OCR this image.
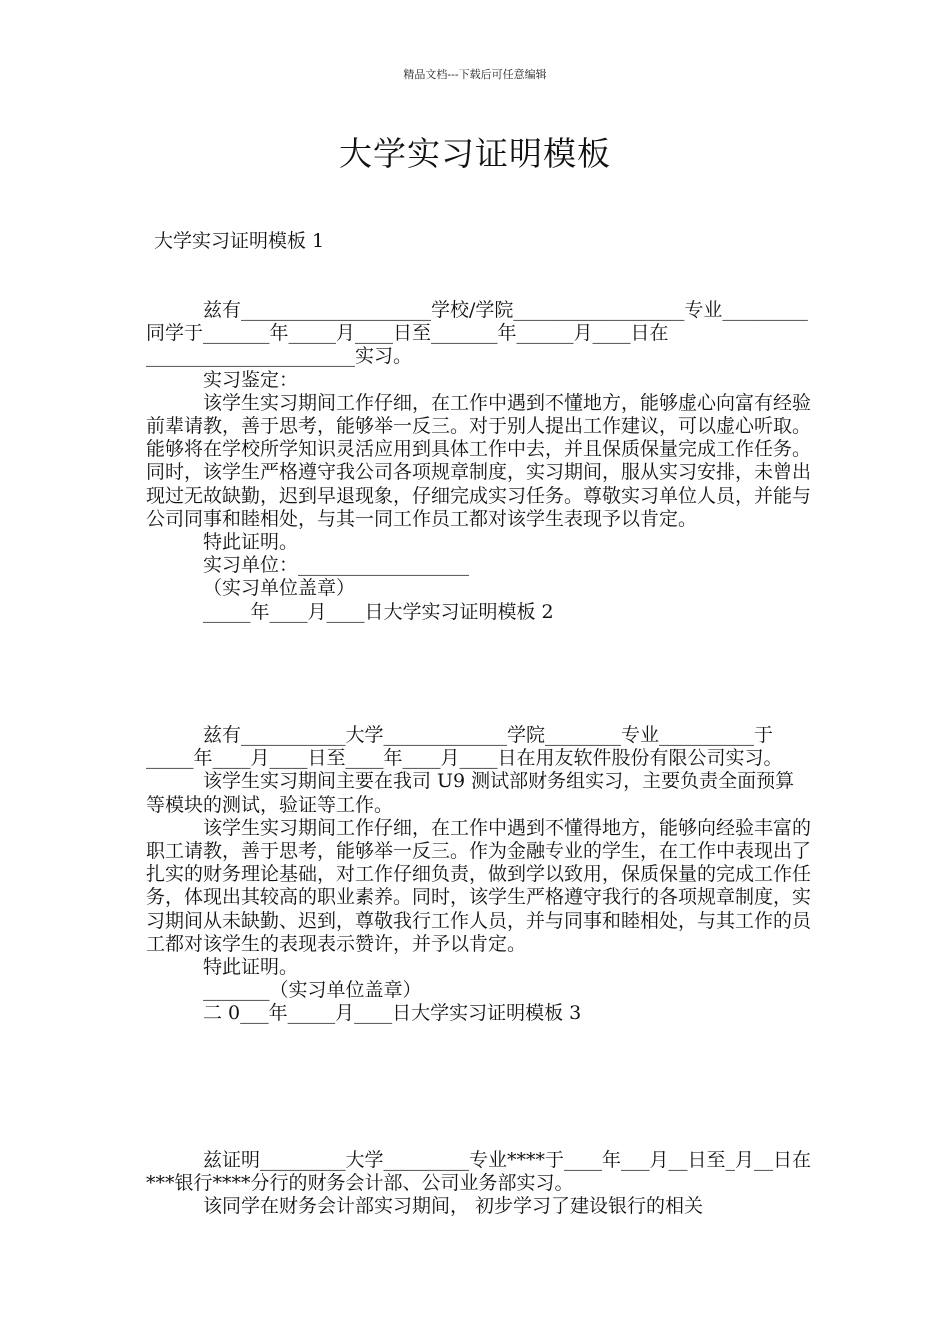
精品文档---下载后可任意编辑
大学实习证明模板
大学实习证明模板 1

兹有____________________学校/学院__________________专业_________同学于_______年_____月____日至_______年______月____日在______________________实习。

实习鉴定：

该学生实习期间工作仔细，在工作中遇到不懂地方，能够虚心向富有经验前辈请教，善于思考，能够举一反三。对于别人提出工作建议，可以虚心听取。能够将在学校所学知识灵活应用到具体工作中去，并且保质保量完成工作任务。同时，该学生严格遵守我公司各项规章制度，实习期间，服从实习安排，未曾出现过无故缺勤，迟到早退现象，仔细完成实习任务。尊敬实习单位人员，并能与公司同事和睦相处，与其一同工作员工都对该学生表现予以肯定。

特此证明。

实习单位：__________________

（实习单位盖章）

_____年____月____日大学实习证明模板 2

兹有___________大学_____________学院________专业__________于_____年____月____日至____年____月____日在用友软件股份有限公司实习。

该学生实习期间主要在我司 U9 测试部财务组实习，主要负责全面预算等模块的测试，验证等工作。

该学生实习期间工作仔细，在工作中遇到不懂得地方，能够向经验丰富的职工请教，善于思考，能够举一反三。作为金融专业的学生，在工作中表现出了扎实的财务理论基础，对工作仔细负责，做到学以致用，保质保量的完成工作任务，体现出其较高的职业素养。同时，该学生严格遵守我行的各项规章制度，实习期间从未缺勤、迟到，尊敬我行工作人员，并与同事和睦相处，与其工作的员工都对该学生的表现表示赞许，并予以肯定。

特此证明。

_______（实习单位盖章）

二 0___年_____月____日大学实习证明模板 3

兹证明_________大学_________专业****于____年___月__日至_月__日在***银行****分行的财务会计部、公司业务部实习。

该同学在财务会计部实习期间， 初步学习了建设银行的相关
